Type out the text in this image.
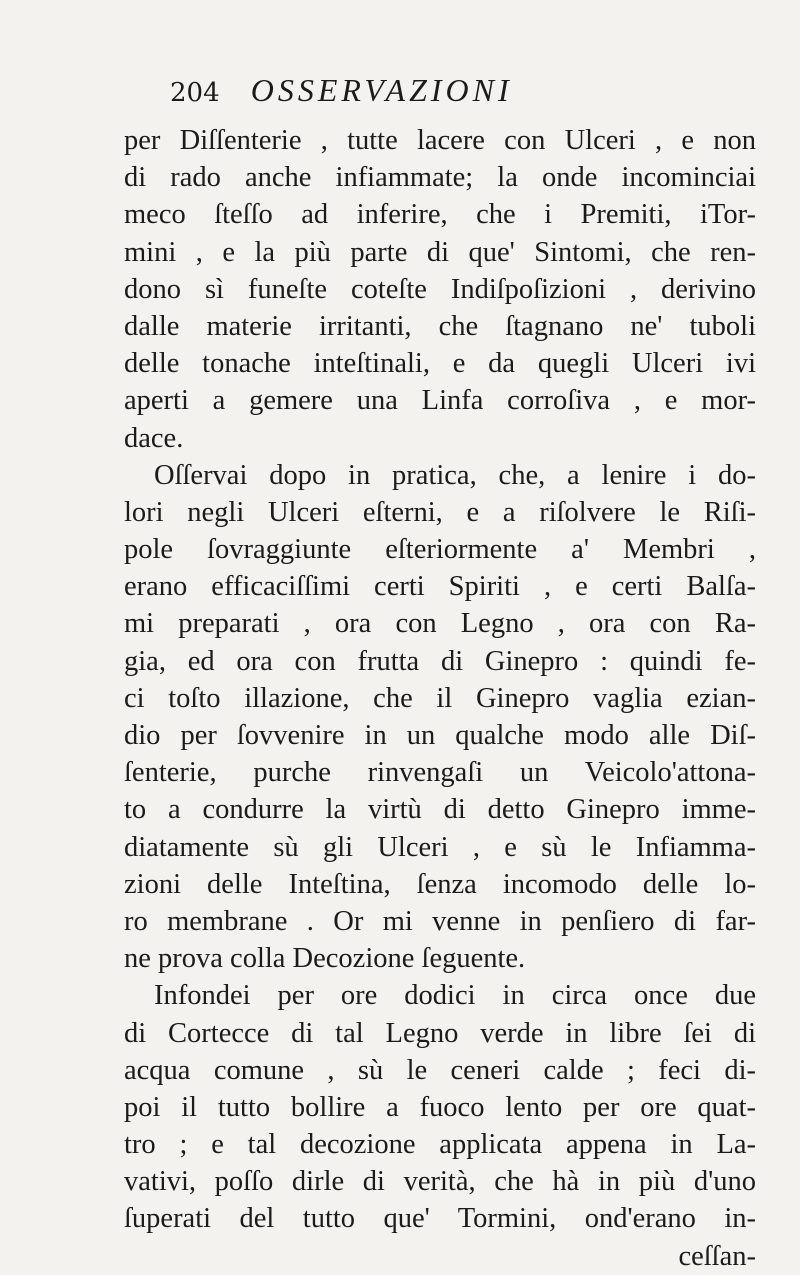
204 OSSERVAZIONI
per Diſſenterie , tutte lacere con Ulceri , e non
di rado anche infiammate; la onde incominciai
meco ſteſſo ad inferire, che i Premiti, iTor-
mini , e la più parte di que' Sintomi, che ren-
dono sì funeſte coteſte Indiſpoſizioni , derivino
dalle materie irritanti, che ſtagnano ne' tuboli
delle tonache inteſtinali, e da quegli Ulceri ivi
aperti a gemere una Linfa corroſiva , e mor-
dace.
Oſſervai dopo in pratica, che, a lenire i do-
lori negli Ulceri eſterni, e a riſolvere le Riſi-
pole ſovraggiunte eſteriormente a' Membri ,
erano efficaciſſimi certi Spiriti , e certi Balſa-
mi preparati , ora con Legno , ora con Ra-
gia, ed ora con frutta di Ginepro : quindi fe-
ci toſto illazione, che il Ginepro vaglia ezian-
dio per ſovvenire in un qualche modo alle Diſ-
ſenterie, purche rinvengaſi un Veicolo'attona-
to a condurre la virtù di detto Ginepro imme-
diatamente sù gli Ulceri , e sù le Infiamma-
zioni delle Inteſtina, ſenza incomodo delle lo-
ro membrane . Or mi venne in penſiero di far-
ne prova colla Decozione ſeguente.
Infondei per ore dodici in circa once due
di Cortecce di tal Legno verde in libre ſei di
acqua comune , sù le ceneri calde ; feci di-
poi il tutto bollire a fuoco lento per ore quat-
tro ; e tal decozione applicata appena in La-
vativi, poſſo dirle di verità, che hà in più d'uno
ſuperati del tutto que' Tormini, ond'erano in-
ceſſan-
